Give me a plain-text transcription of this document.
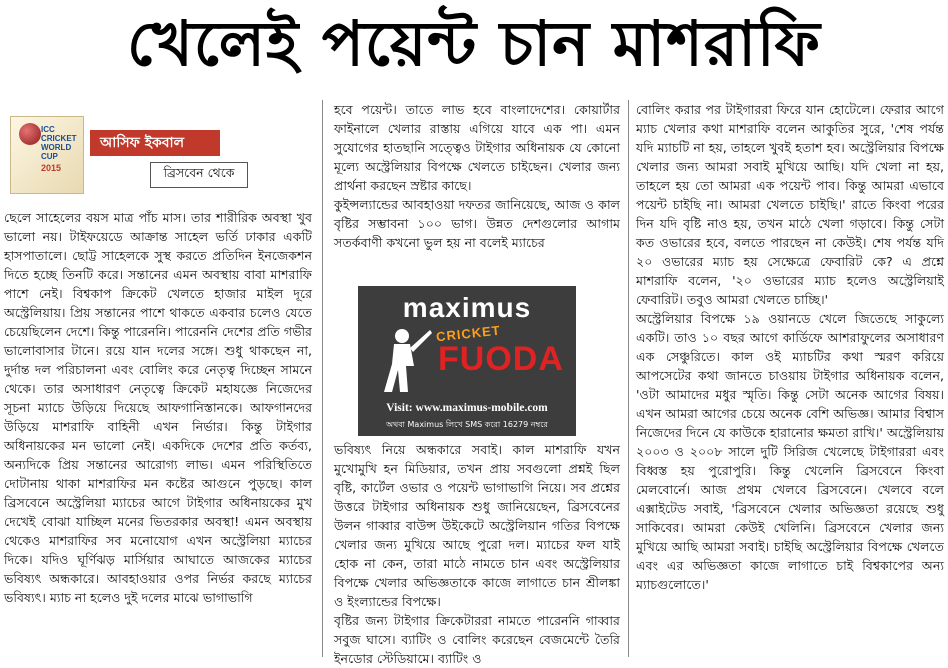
খেলেই পয়েন্ট চান মাশরাফি
ICC CRICKET WORLD CUP
2015
আসিফ ইকবাল
ব্রিসবেন থেকে

ছেলে সাহেলের বয়স মাত্র পাঁচ মাস। তার শারীরিক অবস্থা খুব ভালো নয়। টাইফয়েডে আক্রান্ত সাহেল ভর্তি ঢাকার একটি হাসপাতালে। ছোট্ট সাহেলকে সুস্থ করতে প্রতিদিন ইনজেকশন দিতে হচ্ছে তিনটি করে। সন্তানের এমন অবস্থায় বাবা মাশরাফি পাশে নেই। বিশ্বকাপ ক্রিকেট খেলতে হাজার মাইল দূরে অস্ট্রেলিয়ায়। প্রিয় সন্তানের পাশে থাকতে একবার চলেও যেতে চেয়েছিলেন দেশে। কিন্তু পারেননি। পারেননি দেশের প্রতি গভীর ভালোবাসার টানে। রয়ে যান দলের সঙ্গে। শুধু থাকছেন না, দুর্দান্ত দল পরিচালনা এবং বোলিং করে নেতৃত্ব দিচ্ছেন সামনে থেকে। তার অসাধারণ নেতৃত্বে ক্রিকেট মহাযজ্ঞে নিজেদের সূচনা ম্যাচে উড়িয়ে দিয়েছে আফগানিস্তানকে। আফগানদের উড়িয়ে মাশরাফি বাহিনী এখন নির্ভার। কিন্তু টাইগার অধিনায়কের মন ভালো নেই। একদিকে দেশের প্রতি কর্তব্য, অন্যদিকে প্রিয় সন্তানের আরোগ্য লাভ। এমন পরিস্থিতিতে দোটানায় থাকা মাশরাফির মন কষ্টের আগুনে পুড়ছে। কাল ব্রিসবেনে অস্ট্রেলিয়া ম্যাচের আগে টাইগার অধিনায়কের মুখ দেখেই বোঝা যাচ্ছিল মনের ভিতরকার অবস্থা! এমন অবস্থায় থেকেও মাশরাফির সব মনোযোগ এখন অস্ট্রেলিয়া ম্যাচের দিকে। যদিও ঘূর্ণিঝড় মার্সিয়ার আঘাতে আজকের ম্যাচের ভবিষ্যৎ অন্ধকারে। আবহাওয়ার ওপর নির্ভর করছে ম্যাচের ভবিষ্যৎ। ম্যাচ না হলেও দুই দলের মাঝে ভাগাভাগি

হবে পয়েন্ট। তাতে লাভ হবে বাংলাদেশের। কোয়ার্টার ফাইনালে খেলার রাস্তায় এগিয়ে যাবে এক পা। এমন সুযোগের হাতছানি সত্ত্বেও টাইগার অধিনায়ক যে কোনো মূল্যে অস্ট্রেলিয়ার বিপক্ষে খেলতে চাইছেন। খেলার জন্য প্রার্থনা করছেন স্রষ্টার কাছে।

কুইন্সল্যান্ডের আবহাওয়া দফতর জানিয়েছে, আজ ও কাল বৃষ্টির সম্ভাবনা ১০০ ভাগ। উন্নত দেশগুলোর আগাম সতর্কবাণী কখনো ভুল হয় না বলেই ম্যাচের

ভবিষ্যৎ নিয়ে অন্ধকারে সবাই। কাল মাশরাফি যখন মুখোমুখি হন মিডিয়ার, তখন প্রায় সবগুলো প্রশ্নই ছিল বৃষ্টি, কার্টেল ওভার ও পয়েন্ট ভাগাভাগি নিয়ে। সব প্রশ্নের উত্তরে টাইগার অধিনায়ক শুধু জানিয়েছেন, ব্রিসবেনের উলন গাব্বার বাউন্স উইকেটে অস্ট্রেলিয়ান গতির বিপক্ষে খেলার জন্য মুখিয়ে আছে পুরো দল। ম্যাচের ফল যাই হোক না কেন, তারা মাঠে নামতে চান এবং অস্ট্রেলিয়ার বিপক্ষে খেলার অভিজ্ঞতাকে কাজে লাগাতে চান শ্রীলঙ্কা ও ইংল্যান্ডের বিপক্ষে।

বৃষ্টির জন্য টাইগার ক্রিকেটাররা নামতে পারেননি গাব্বার সবুজ ঘাসে। ব্যাটিং ও বোলিং করেছেন বেজমেন্টে তৈরি ইনডোর স্টেডিয়ামে। ব্যাটিং ও

maximus
CRICKET
FUODA
Visit: www.maximus-mobile.com
অথবা Maximus লিখে SMS করো 16279 নম্বরে

বোলিং করার পর টাইগাররা ফিরে যান হোটেলে। ফেরার আগে ম্যাচ খেলার কথা মাশরাফি বলেন আকুতির সুরে, 'শেষ পর্যন্ত যদি ম্যাচটি না হয়, তাহলে খুবই হতাশ হব। অস্ট্রেলিয়ার বিপক্ষে খেলার জন্য আমরা সবাই মুখিয়ে আছি। যদি খেলা না হয়, তাহলে হয় তো আমরা এক পয়েন্ট পাব। কিন্তু আমরা এভাবে পয়েন্ট চাইছি না। আমরা খেলতে চাইছি।' রাতে কিংবা পরের দিন যদি বৃষ্টি নাও হয়, তখন মাঠে খেলা গড়াবে। কিন্তু সেটা কত ওভারের হবে, বলতে পারছেন না কেউই। শেষ পর্যন্ত যদি ২০ ওভারের ম্যাচ হয় সেক্ষেত্রে ফেবারিট কে? এ প্রশ্নে মাশরাফি বলেন, '২০ ওভারের ম্যাচ হলেও অস্ট্রেলিয়াই ফেবারিট। তবুও আমরা খেলতে চাচ্ছি।'

অস্ট্রেলিয়ার বিপক্ষে ১৯ ওয়ানডে খেলে জিতেছে সাকুল্যে একটি। তাও ১০ বছর আগে কার্ডিফে আশরাফুলের অসাধারণ এক সেঞ্চুরিতে। কাল ওই ম্যাচটির কথা স্মরণ করিয়ে আপসেটের কথা জানতে চাওয়ায় টাইগার অধিনায়ক বলেন, 'ওটা আমাদের মধুর স্মৃতি। কিন্তু সেটা অনেক আগের বিষয়। এখন আমরা আগের চেয়ে অনেক বেশি অভিজ্ঞ। আমার বিশ্বাস নিজেদের দিনে যে কাউকে হারানোর ক্ষমতা রাখি।' অস্ট্রেলিয়ায় ২০০৩ ও ২০০৮ সালে দুটি সিরিজ খেলেছে টাইগাররা এবং বিধ্বস্ত হয় পুরোপুরি। কিন্তু খেলেনি ব্রিসবেনে কিংবা মেলবোর্নে। আজ প্রথম খেলবে ব্রিসবেনে। খেলবে বলে এক্সাইটেড সবাই, 'ব্রিসবেনে খেলার অভিজ্ঞতা রয়েছে শুধু সাকিবের। আমরা কেউই খেলিনি। ব্রিসবেনে খেলার জন্য মুখিয়ে আছি আমরা সবাই। চাইছি অস্ট্রেলিয়ার বিপক্ষে খেলতে এবং এর অভিজ্ঞতা কাজে লাগাতে চাই বিশ্বকাপের অন্য ম্যাচগুলোতে।'
